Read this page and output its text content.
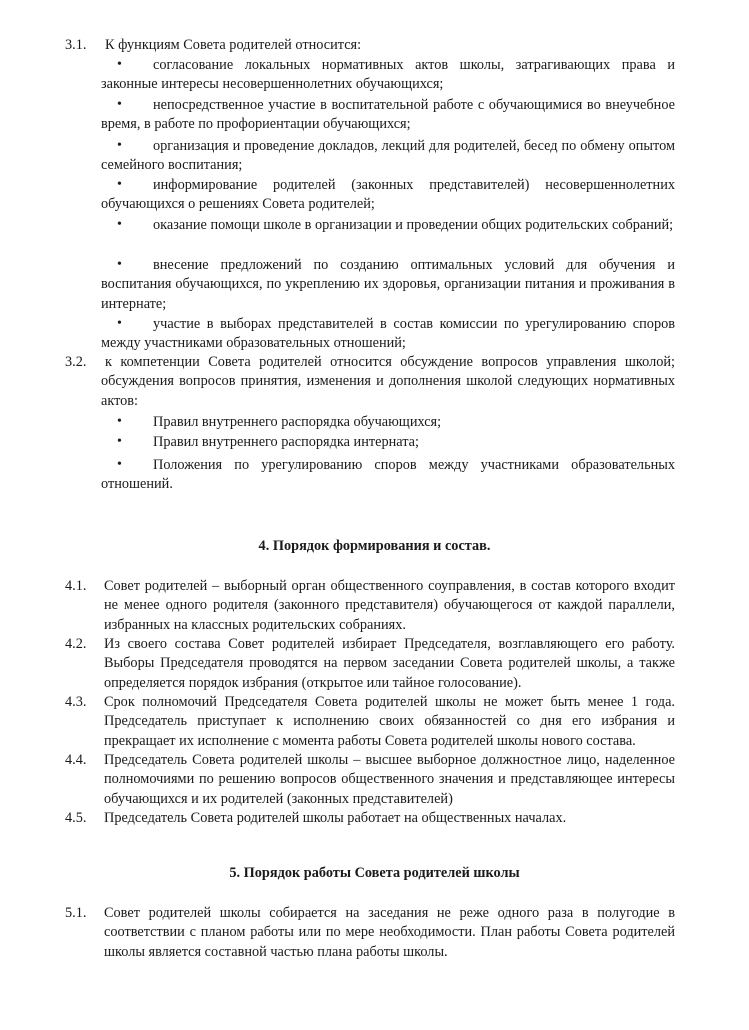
3.1. К функциям Совета родителей относится:
•	согласование локальных нормативных актов школы, затрагивающих права и законные интересы несовершеннолетних обучающихся;
•	непосредственное участие в воспитательной работе с обучающимися во внеучебное время, в работе по профориентации обучающихся;
•	организация и проведение докладов, лекций для родителей, бесед по обмену опытом семейного воспитания;
•	информирование родителей (законных представителей) несовершеннолетних обучающихся о решениях Совета родителей;
•	оказание помощи школе в организации и проведении общих родительских собраний;
•	внесение предложений по созданию оптимальных условий для обучения и воспитания обучающихся, по укреплению их здоровья, организации питания и проживания в интернате;
•	участие в выборах представителей в состав комиссии по урегулированию споров между участниками образовательных отношений;
3.2. к компетенции Совета родителей относится обсуждение вопросов управления школой; обсуждения вопросов принятия, изменения и дополнения школой следующих нормативных актов:
• Правил внутреннего распорядка обучающихся;
• Правил внутреннего распорядка интерната;
•	Положения по урегулированию споров между участниками образовательных отношений.
4. Порядок формирования и состав.
4.1. Совет родителей – выборный орган общественного соуправления, в состав которого входит не менее одного родителя (законного представителя) обучающегося от каждой параллели, избранных на классных родительских собраниях.
4.2. Из своего состава Совет родителей избирает Председателя, возглавляющего его работу. Выборы Председателя проводятся на первом заседании Совета родителей школы, а также определяется порядок избрания (открытое или тайное голосование).
4.3. Срок полномочий Председателя Совета родителей школы не может быть менее 1 года. Председатель приступает к исполнению своих обязанностей со дня его избрания и прекращает их исполнение с момента работы Совета родителей школы нового состава.
4.4. Председатель Совета родителей школы – высшее выборное должностное лицо, наделенное полномочиями по решению вопросов общественного значения и представляющее интересы обучающихся и их родителей (законных представителей)
4.5. Председатель Совета родителей школы работает на общественных началах.
5. Порядок работы Совета родителей школы
5.1. Совет родителей школы собирается на заседания не реже одного раза в полугодие в соответствии с планом работы или по мере необходимости. План работы Совета родителей школы является составной частью плана работы школы.
